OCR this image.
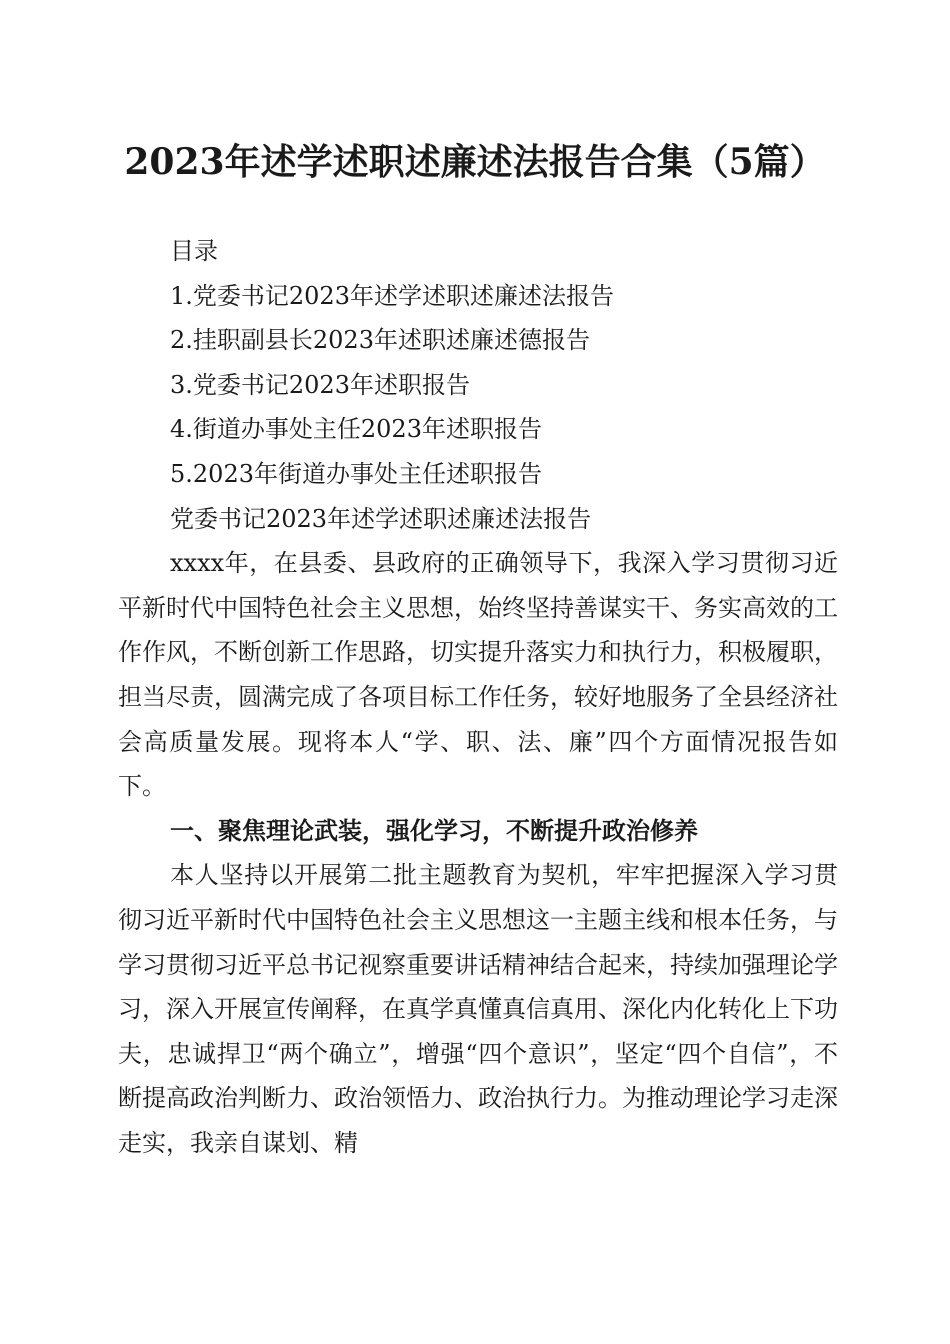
2023年述学述职述廉述法报告合集（5篇）
目录
1.党委书记2023年述学述职述廉述法报告
2.挂职副县长2023年述职述廉述德报告
3.党委书记2023年述职报告
4.街道办事处主任2023年述职报告
5.2023年街道办事处主任述职报告
党委书记2023年述学述职述廉述法报告

xxxx年，在县委、县政府的正确领导下，我深入学习贯彻习近平新时代中国特色社会主义思想，始终坚持善谋实干、务实高效的工作作风，不断创新工作思路，切实提升落实力和执行力，积极履职，担当尽责，圆满完成了各项目标工作任务，较好地服务了全县经济社会高质量发展。现将本人“学、职、法、廉”四个方面情况报告如下。

一、聚焦理论武装，强化学习，不断提升政治修养

本人坚持以开展第二批主题教育为契机，牢牢把握深入学习贯彻习近平新时代中国特色社会主义思想这一主题主线和根本任务，与学习贯彻习近平总书记视察重要讲话精神结合起来，持续加强理论学习，深入开展宣传阐释，在真学真懂真信真用、深化内化转化上下功夫，忠诚捍卫“两个确立”，增强“四个意识”，坚定“四个自信”，不断提高政治判断力、政治领悟力、政治执行力。为推动理论学习走深走实，我亲自谋划、精
